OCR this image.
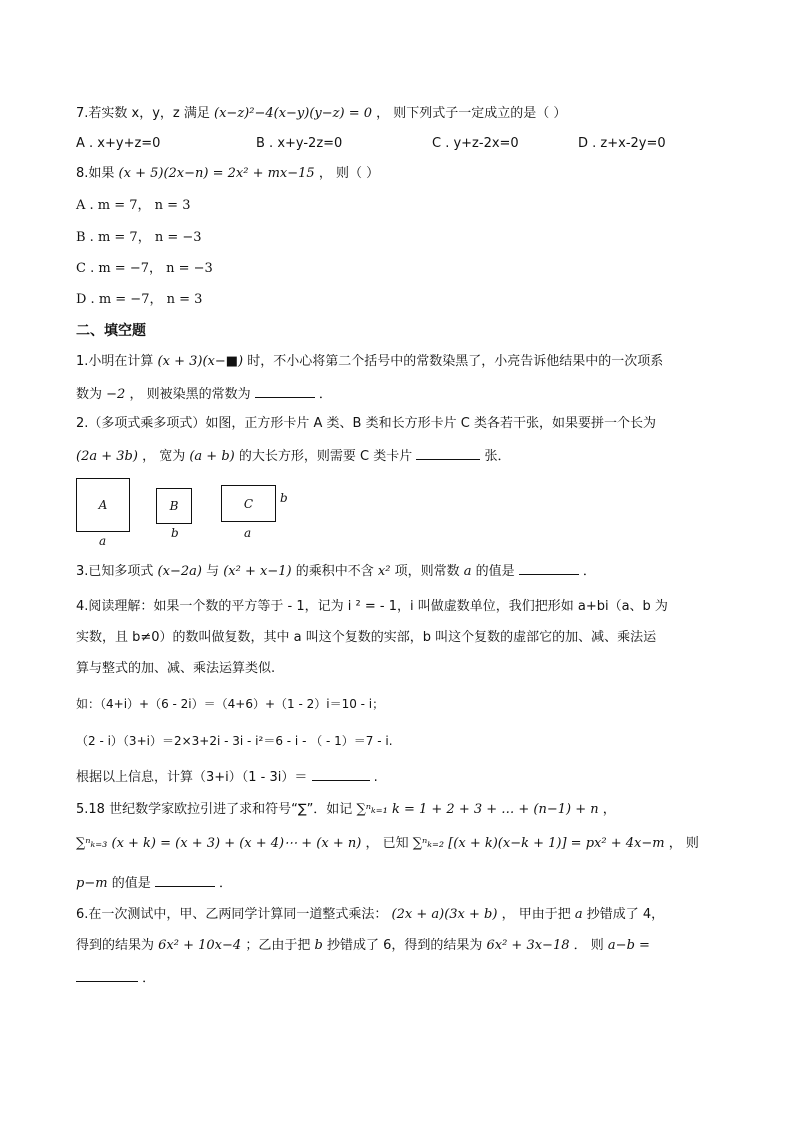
7.若实数 x，y，z 满足 (x−z)²−4(x−y)(y−z) = 0 ， 则下列式子一定成立的是（ ）
A . x+y+z=0	B . x+y-2z=0	C . y+z-2x=0	D . z+x-2y=0
8.如果 (x + 5)(2x−n) = 2x² + mx−15 ， 则（ ）
A . m = 7， n = 3
B . m = 7， n = −3
C . m = −7， n = −3
D . m = −7， n = 3
二、填空题
1.小明在计算 (x + 3)(x−■) 时，不小心将第二个括号中的常数染黑了，小亮告诉他结果中的一次项系
数为 −2 ， 则被染黑的常数为	．
2.（多项式乘多项式）如图，正方形卡片 A 类、B 类和长方形卡片 C 类各若干张，如果要拼一个长为
(2a + 3b) ， 宽为 (a + b) 的大长方形，则需要 C 类卡片	张．
A
a
B
b
C
a
b
3.已知多项式 (x−2a) 与 (x² + x−1) 的乘积中不含 x² 项，则常数 a 的值是	．
4.阅读理解：如果一个数的平方等于 - 1，记为 i ² = - 1，i 叫做虚数单位，我们把形如 a+bi（a、b 为
实数，且 b≠0）的数叫做复数，其中 a 叫这个复数的实部，b 叫这个复数的虚部它的加、减、乘法运
算与整式的加、减、乘法运算类似.
如：（4+i）+（6 - 2i）＝（4+6）+（1 - 2）i＝10 - i；
（2 - i）（3+i）＝2×3+2i - 3i - i²＝6 - i - （ - 1）＝7 - i.
根据以上信息，计算（3+i）（1 - 3i）＝	.
5.18 世纪数学家欧拉引进了求和符号“∑”．如记 ∑ⁿₖ₌₁ k = 1 + 2 + 3 + … + (n−1) + n ，
∑ⁿₖ₌₃ (x + k) = (x + 3) + (x + 4)⋯ + (x + n) ， 已知 ∑ⁿₖ₌₂ [(x + k)(x−k + 1)] = px² + 4x−m ， 则
p−m 的值是	．
6.在一次测试中，甲、乙两同学计算同一道整式乘法： (2x + a)(3x + b) ， 甲由于把 a 抄错成了 4，
得到的结果为 6x² + 10x−4 ；乙由于把 b 抄错成了 6，得到的结果为 6x² + 3x−18 ． 则 a−b =
．
